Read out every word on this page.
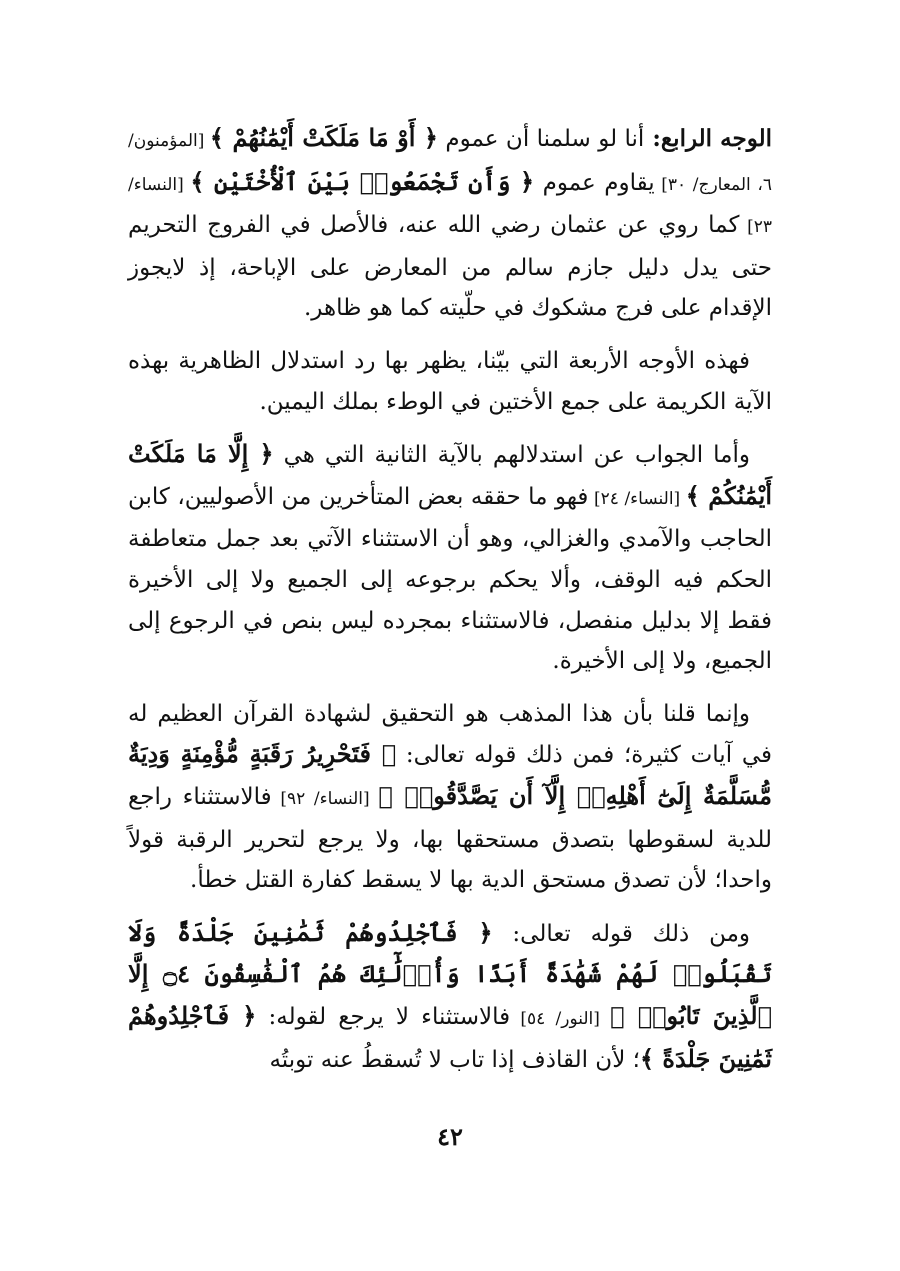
الوجه الرابع: أنا لو سلمنا أن عموم ﴿ أَوْ مَا مَلَكَتْ أَيْمَٰنُهُمْ ﴾ [المؤمنون/ ٦، المعارج/ ٣٠] يقاوم عموم ﴿ وَأَن تَجْمَعُوا۟ بَيْنَ ٱلْأُخْتَيْنِ ﴾ [النساء/ ٢٣] كما روي عن عثمان رضي الله عنه، فالأصل في الفروج التحريم حتى يدل دليل جازم سالم من المعارض على الإباحة، إذ لايجوز الإقدام على فرج مشكوك في حلّيته كما هو ظاهر.

فهذه الأوجه الأربعة التي بيّنا، يظهر بها رد استدلال الظاهرية بهذه الآية الكريمة على جمع الأختين في الوطء بملك اليمين.

وأما الجواب عن استدلالهم بالآية الثانية التي هي ﴿ إِلَّا مَا مَلَكَتْ أَيْمَٰنُكُمْ ﴾ [النساء/ ٢٤] فهو ما حققه بعض المتأخرين من الأصوليين، كابن الحاجب والآمدي والغزالي، وهو أن الاستثناء الآتي بعد جمل متعاطفة الحكم فيه الوقف، وألا يحكم برجوعه إلى الجميع ولا إلى الأخيرة فقط إلا بدليل منفصل، فالاستثناء بمجرده ليس بنص في الرجوع إلى الجميع، ولا إلى الأخيرة.

وإنما قلنا بأن هذا المذهب هو التحقيق لشهادة القرآن العظيم له في آيات كثيرة؛ فمن ذلك قوله تعالى: ﴿ فَتَحْرِيرُ رَقَبَةٍ مُّؤْمِنَةٍ وَدِيَةٌ مُّسَلَّمَةٌ إِلَىٰٓ أَهْلِهِۦٓ إِلَّآ أَن يَصَّدَّقُوا۟ ﴾ [النساء/ ٩٢] فالاستثناء راجع للدية لسقوطها بتصدق مستحقها بها، ولا يرجع لتحرير الرقبة قولاً واحدا؛ لأن تصدق مستحق الدية بها لا يسقط كفارة القتل خطأ.

ومن ذلك قوله تعالى: ﴿ فَٱجْلِدُوهُمْ ثَمَٰنِينَ جَلْدَةً وَلَا تَقْبَلُوا۟ لَهُمْ شَهَٰدَةً أَبَدًا وَأُو۟لَٰٓئِكَ هُمُ ٱلْفَٰسِقُونَ ۝٤ إِلَّا ٱلَّذِينَ تَابُوا۟ ﴾ [النور/ ٥٤] فالاستثناء لا يرجع لقوله: ﴿ فَٱجْلِدُوهُمْ ثَمَٰنِينَ جَلْدَةً ﴾؛ لأن القاذف إذا تاب لا تُسقطُ عنه توبتُه

٤٢
